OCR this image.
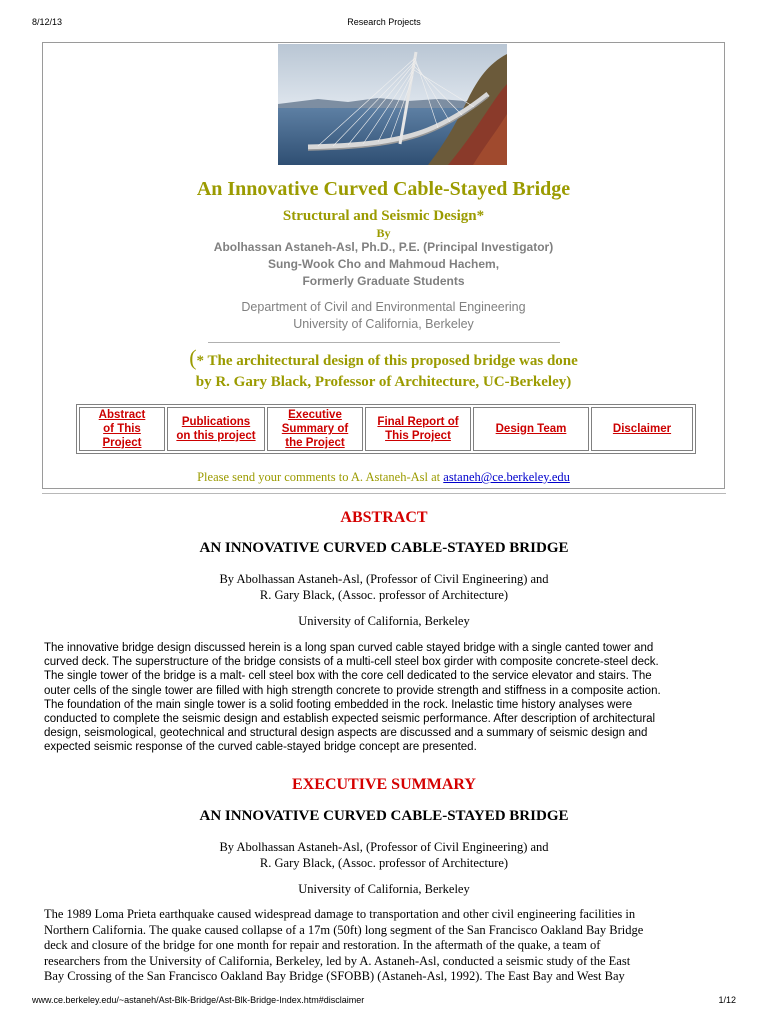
8/12/13	Research Projects
An Innovative Curved Cable-Stayed Bridge
Structural and Seismic Design*
By
Abolhassan Astaneh-Asl, Ph.D., P.E. (Principal Investigator)
Sung-Wook Cho and Mahmoud Hachem,
Formerly Graduate Students
Department of Civil and Environmental Engineering
University of California, Berkeley
(* The architectural design of this proposed bridge was done
by R. Gary Black, Professor of Architecture, UC-Berkeley)
Abstract
of This
Project	Publications
on this project	Executive
Summary of
the Project	Final Report of
This Project	Design Team	Disclaimer
Please send your comments to A. Astaneh-Asl at astaneh@ce.berkeley.edu
ABSTRACT
AN INNOVATIVE CURVED CABLE-STAYED BRIDGE
By Abolhassan Astaneh-Asl, (Professor of Civil Engineering) and
R. Gary Black, (Assoc. professor of Architecture)
University of California, Berkeley
The innovative bridge design discussed herein is a long span curved cable stayed bridge with a single canted tower and
curved deck. The superstructure of the bridge consists of a multi-cell steel box girder with composite concrete-steel deck.
The single tower of the bridge is a malt- cell steel box with the core cell dedicated to the service elevator and stairs. The
outer cells of the single tower are filled with high strength concrete to provide strength and stiffness in a composite action.
The foundation of the main single tower is a solid footing embedded in the rock. Inelastic time history analyses were
conducted to complete the seismic design and establish expected seismic performance. After description of architectural
design, seismological, geotechnical and structural design aspects are discussed and a summary of seismic design and
expected seismic response of the curved cable-stayed bridge concept are presented.
EXECUTIVE SUMMARY
AN INNOVATIVE CURVED CABLE-STAYED BRIDGE
By Abolhassan Astaneh-Asl, (Professor of Civil Engineering) and
R. Gary Black, (Assoc. professor of Architecture)
University of California, Berkeley
The 1989 Loma Prieta earthquake caused widespread damage to transportation and other civil engineering facilities in
Northern California. The quake caused collapse of a 17m (50ft) long segment of the San Francisco Oakland Bay Bridge
deck and closure of the bridge for one month for repair and restoration. In the aftermath of the quake, a team of
researchers from the University of California, Berkeley, led by A. Astaneh-Asl, conducted a seismic study of the East
Bay Crossing of the San Francisco Oakland Bay Bridge (SFOBB) (Astaneh-Asl, 1992). The East Bay and West Bay
www.ce.berkeley.edu/~astaneh/Ast-Blk-Bridge/Ast-Blk-Bridge-Index.htm#disclaimer	1/12
